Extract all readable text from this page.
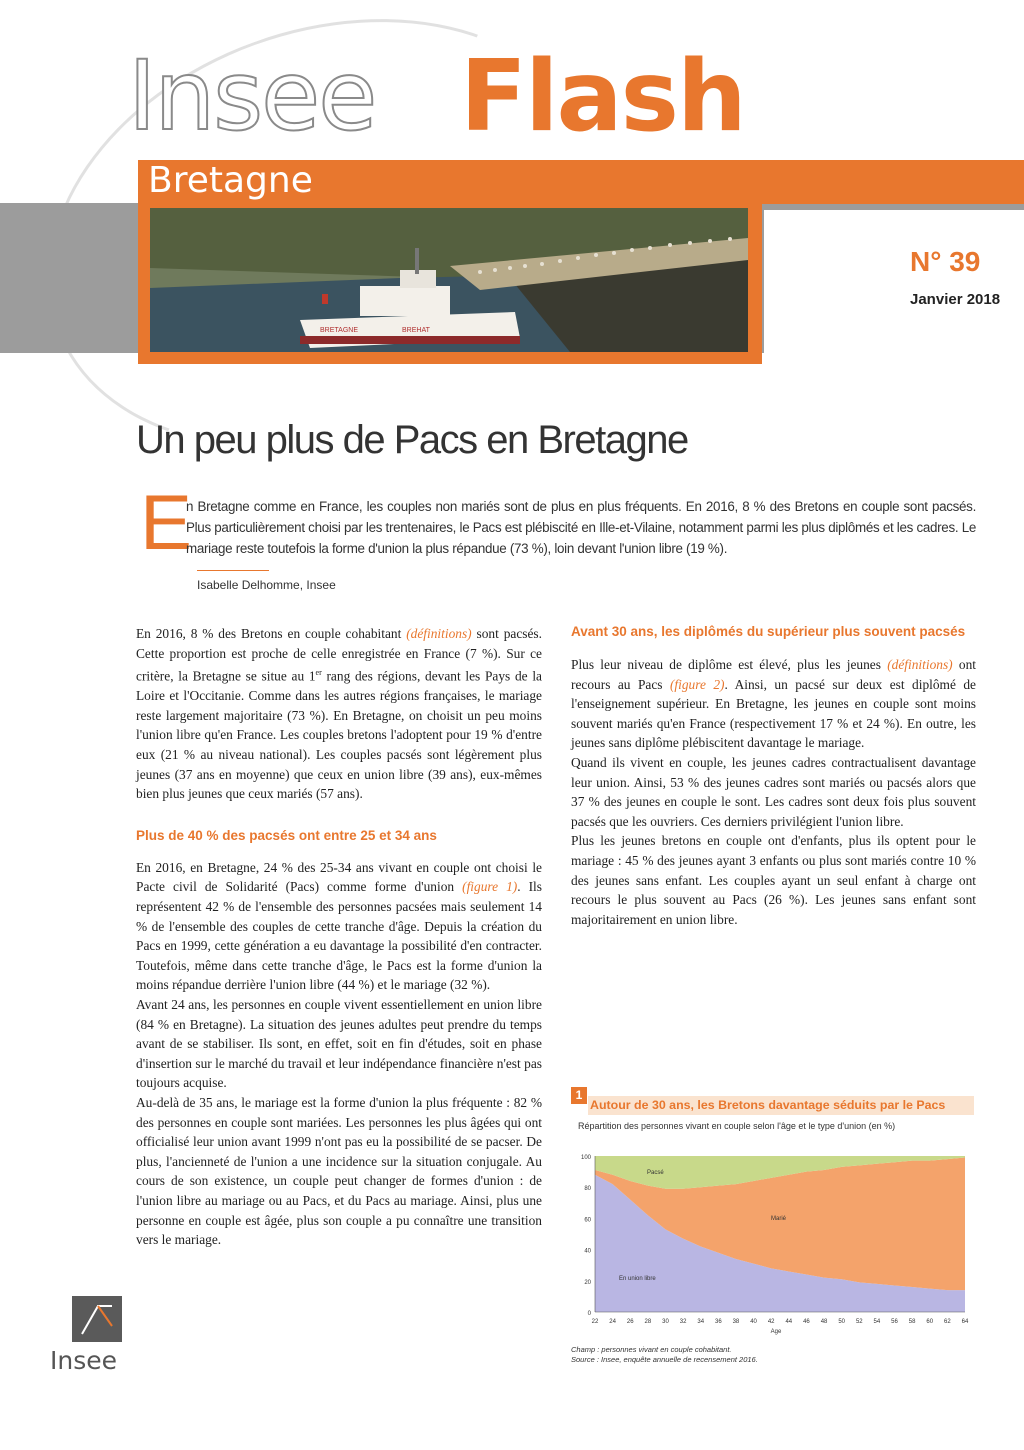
BRETAGNE	BREHAT
Insee Flash
Bretagne
N° 39
Janvier 2018
Un peu plus de Pacs en Bretagne
E
n Bretagne comme en France, les couples non mariés sont de plus en plus fréquents. En 2016, 8 % des Bretons en couple sont pacsés. Plus particulièrement choisi par les trentenaires, le Pacs est plébiscité en Ille-et-Vilaine, notamment parmi les plus diplômés et les cadres. Le mariage reste toutefois la forme d'union la plus répandue (73 %), loin devant l'union libre (19 %).
Isabelle Delhomme, Insee

En 2016, 8 % des Bretons en couple cohabitant (définitions) sont pacsés. Cette proportion est proche de celle enregistrée en France (7 %). Sur ce critère, la Bretagne se situe au 1er rang des régions, devant les Pays de la Loire et l'Occitanie. Comme dans les autres régions françaises, le mariage reste largement majoritaire (73 %). En Bretagne, on choisit un peu moins l'union libre qu'en France. Les couples bretons l'adoptent pour 19 % d'entre eux (21 % au niveau national). Les couples pacsés sont légèrement plus jeunes (37 ans en moyenne) que ceux en union libre (39 ans), eux-mêmes bien plus jeunes que ceux mariés (57 ans).

Plus de 40 % des pacsés ont entre 25 et 34 ans

En 2016, en Bretagne, 24 % des 25-34 ans vivant en couple ont choisi le Pacte civil de Solidarité (Pacs) comme forme d'union (figure 1). Ils représentent 42 % de l'ensemble des personnes pacsées mais seulement 14 % de l'ensemble des couples de cette tranche d'âge. Depuis la création du Pacs en 1999, cette génération a eu davantage la possibilité d'en contracter. Toutefois, même dans cette tranche d'âge, le Pacs est la forme d'union la moins répandue derrière l'union libre (44 %) et le mariage (32 %).

Avant 24 ans, les personnes en couple vivent essentiellement en union libre (84 % en Bretagne). La situation des jeunes adultes peut prendre du temps avant de se stabiliser. Ils sont, en effet, soit en fin d'études, soit en phase d'insertion sur le marché du travail et leur indépendance financière n'est pas toujours acquise.

Au-delà de 35 ans, le mariage est la forme d'union la plus fréquente : 82 % des personnes en couple sont mariées. Les personnes les plus âgées qui ont officialisé leur union avant 1999 n'ont pas eu la possibilité de se pacser. De plus, l'ancienneté de l'union a une incidence sur la situation conjugale. Au cours de son existence, un couple peut changer de formes d'union : de l'union libre au mariage ou au Pacs, et du Pacs au mariage. Ainsi, plus une personne en couple est âgée, plus son couple a pu connaître une transition vers le mariage.

Avant 30 ans, les diplômés du supérieur plus souvent pacsés

Plus leur niveau de diplôme est élevé, plus les jeunes (définitions) ont recours au Pacs (figure 2). Ainsi, un pacsé sur deux est diplômé de l'enseignement supérieur. En Bretagne, les jeunes en couple sont moins souvent mariés qu'en France (respectivement 17 % et 24 %). En outre, les jeunes sans diplôme plébiscitent davantage le mariage.

Quand ils vivent en couple, les jeunes cadres contractualisent davantage leur union. Ainsi, 53 % des jeunes cadres sont mariés ou pacsés alors que 37 % des jeunes en couple le sont. Les cadres sont deux fois plus souvent pacsés que les ouvriers. Ces derniers privilégient l'union libre.

Plus les jeunes bretons en couple ont d'enfants, plus ils optent pour le mariage : 45 % des jeunes ayant 3 enfants ou plus sont mariés contre 10 % des jeunes sans enfant. Les couples ayant un seul enfant à charge ont recours le plus souvent au Pacs (26 %). Les jeunes sans enfant sont majoritairement en union libre.

1
Autour de 30 ans, les Bretons davantage séduits par le Pacs
Répartition des personnes vivant en couple selon l'âge et le type d'union (en %)
0
20
40
60
80
100
22 24 26 28 30 32 34 36 38 40 42 44 46 48 50 52 54 56 58 60 62 64
Age
En union libre
Marié
Pacsé
Champ : personnes vivant en couple cohabitant.
Source : Insee, enquête annuelle de recensement 2016.
Insee
